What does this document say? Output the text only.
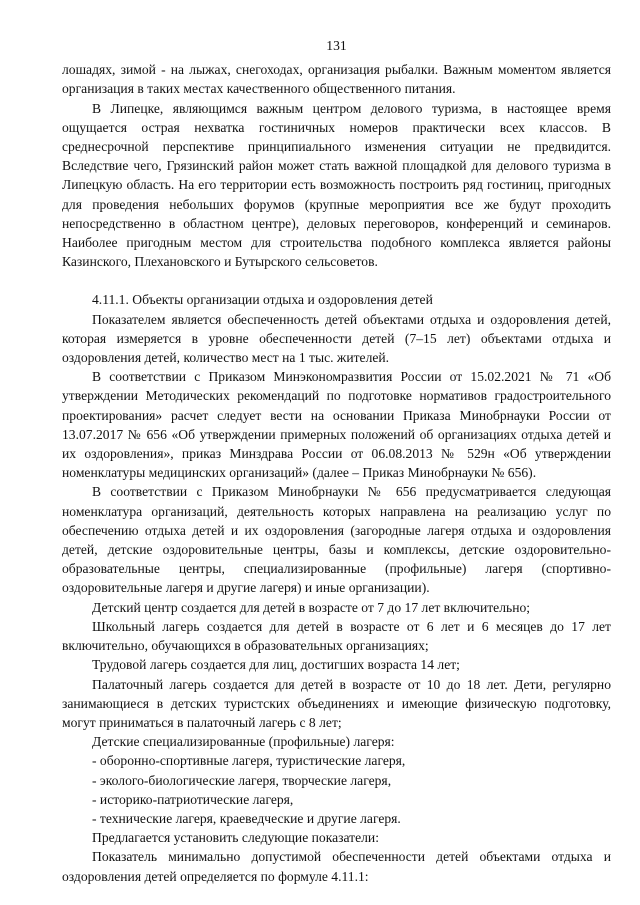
131

лошадях, зимой - на лыжах, снегоходах, организация рыбалки. Важным моментом является организация в таких местах качественного общественного питания.

В Липецке, являющимся важным центром делового туризма, в настоящее время ощущается острая нехватка гостиничных номеров практически всех классов. В среднесрочной перспективе принципиального изменения ситуации не предвидится. Вследствие чего, Грязинский район может стать важной площадкой для делового туризма в Липецкую область. На его территории есть возможность построить ряд гостиниц, пригодных для проведения небольших форумов (крупные мероприятия все же будут проходить непосредственно в областном центре), деловых переговоров, конференций и семинаров. Наиболее пригодным местом для строительства подобного комплекса является районы Казинского, Плехановского и Бутырского сельсоветов.

4.11.1. Объекты организации отдыха и оздоровления детей

Показателем является обеспеченность детей объектами отдыха и оздоровления детей, которая измеряется в уровне обеспеченности детей (7–15 лет) объектами отдыха и оздоровления детей, количество мест на 1 тыс. жителей.

В соответствии с Приказом Минэкономразвития России от 15.02.2021 № 71 «Об утверждении Методических рекомендаций по подготовке нормативов градостроительного проектирования» расчет следует вести на основании Приказа Минобрнауки России от 13.07.2017 № 656 «Об утверждении примерных положений об организациях отдыха детей и их оздоровления», приказ Минздрава России от 06.08.2013 № 529н «Об утверждении номенклатуры медицинских организаций» (далее – Приказ Минобрнауки № 656).

В соответствии с Приказом Минобрнауки № 656 предусматривается следующая номенклатура организаций, деятельность которых направлена на реализацию услуг по обеспечению отдыха детей и их оздоровления (загородные лагеря отдыха и оздоровления детей, детские оздоровительные центры, базы и комплексы, детские оздоровительно-образовательные центры, специализированные (профильные) лагеря (спортивно-оздоровительные лагеря и другие лагеря) и иные организации).

Детский центр создается для детей в возрасте от 7 до 17 лет включительно;

Школьный лагерь создается для детей в возрасте от 6 лет и 6 месяцев до 17 лет включительно, обучающихся в образовательных организациях;

Трудовой лагерь создается для лиц, достигших возраста 14 лет;

Палаточный лагерь создается для детей в возрасте от 10 до 18 лет. Дети, регулярно занимающиеся в детских туристских объединениях и имеющие физическую подготовку, могут приниматься в палаточный лагерь с 8 лет;

Детские специализированные (профильные) лагеря:

- оборонно-спортивные лагеря, туристические лагеря,

- эколого-биологические лагеря, творческие лагеря,

- историко-патриотические лагеря,

- технические лагеря, краеведческие и другие лагеря.

Предлагается установить следующие показатели:

Показатель минимально допустимой обеспеченности детей объектами отдыха и оздоровления детей определяется по формуле 4.11.1:
